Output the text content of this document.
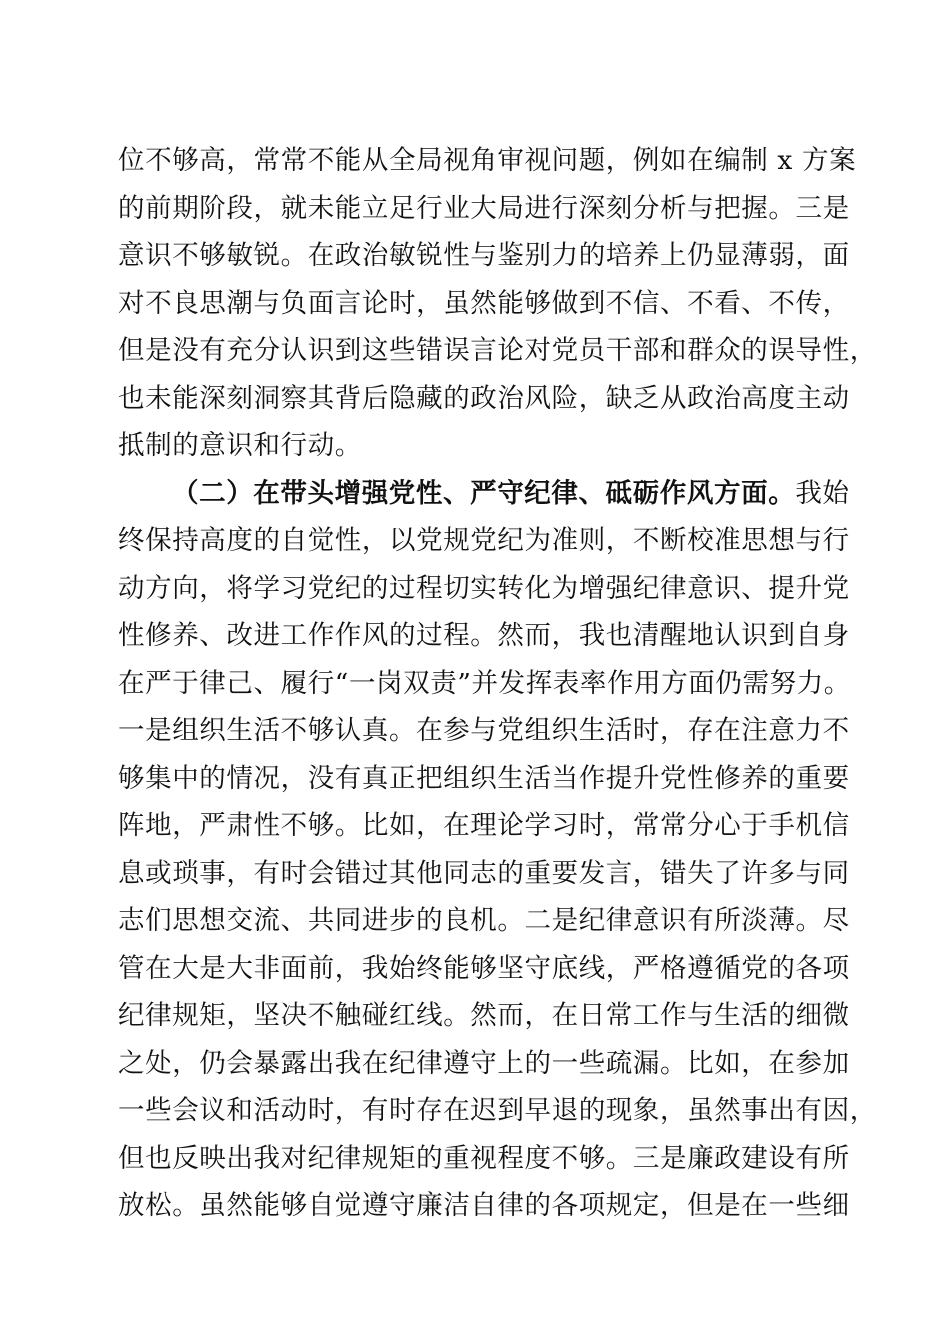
位不够高，常常不能从全局视角审视问题，例如在编制 x 方案
的前期阶段，就未能立足行业大局进行深刻分析与把握。三是
意识不够敏锐。在政治敏锐性与鉴别力的培养上仍显薄弱，面
对不良思潮与负面言论时，虽然能够做到不信、不看、不传，
但是没有充分认识到这些错误言论对党员干部和群众的误导性，
也未能深刻洞察其背后隐藏的政治风险，缺乏从政治高度主动
抵制的意识和行动。
（二）在带头增强党性、严守纪律、砥砺作风方面。我始
终保持高度的自觉性，以党规党纪为准则，不断校准思想与行
动方向，将学习党纪的过程切实转化为增强纪律意识、提升党
性修养、改进工作作风的过程。然而，我也清醒地认识到自身
在严于律己、履行“一岗双责”并发挥表率作用方面仍需努力。
一是组织生活不够认真。在参与党组织生活时，存在注意力不
够集中的情况，没有真正把组织生活当作提升党性修养的重要
阵地，严肃性不够。比如，在理论学习时，常常分心于手机信
息或琐事，有时会错过其他同志的重要发言，错失了许多与同
志们思想交流、共同进步的良机。二是纪律意识有所淡薄。尽
管在大是大非面前，我始终能够坚守底线，严格遵循党的各项
纪律规矩，坚决不触碰红线。然而，在日常工作与生活的细微
之处，仍会暴露出我在纪律遵守上的一些疏漏。比如，在参加
一些会议和活动时，有时存在迟到早退的现象，虽然事出有因，
但也反映出我对纪律规矩的重视程度不够。三是廉政建设有所
放松。虽然能够自觉遵守廉洁自律的各项规定，但是在一些细
